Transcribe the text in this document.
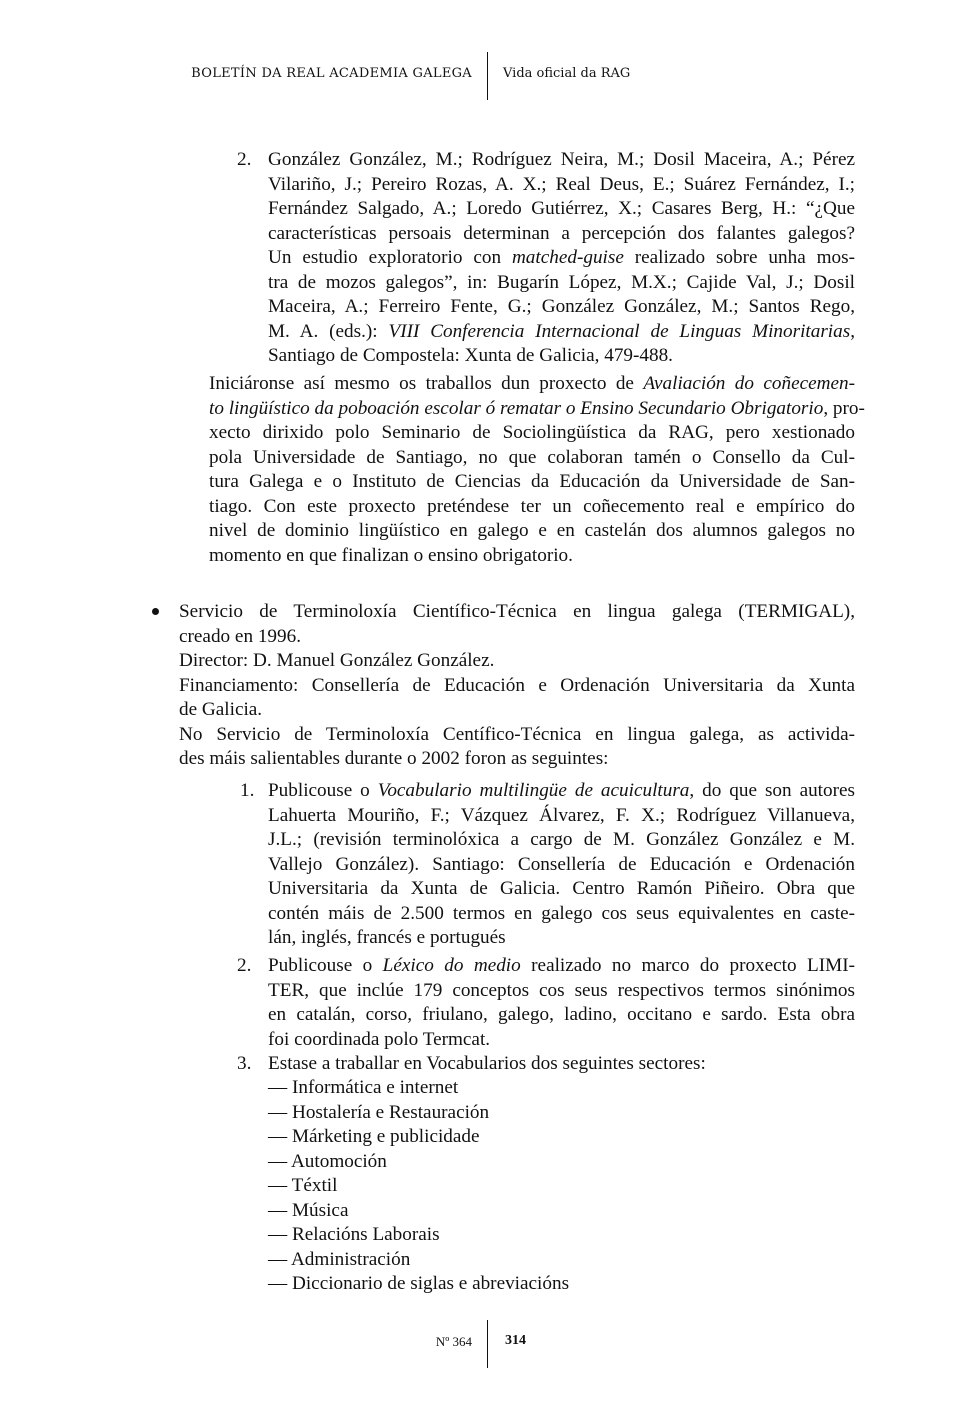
BOLETÍN DA REAL ACADEMIA GALEGA Vida oficial da RAG
2. González González, M.; Rodríguez Neira, M.; Dosil Maceira, A.; Pérez
Vilariño, J.; Pereiro Rozas, A. X.; Real Deus, E.; Suárez Fernández, I.;
Fernández Salgado, A.; Loredo Gutiérrez, X.; Casares Berg, H.: “¿Que
características persoais determinan a percepción dos falantes galegos?
Un estudio exploratorio con matched-guise realizado sobre unha mos-
tra de mozos galegos”, in: Bugarín López, M.X.; Cajide Val, J.; Dosil
Maceira, A.; Ferreiro Fente, G.; González González, M.; Santos Rego,
M. A. (eds.): VIII Conferencia Internacional de Linguas Minoritarias,
Santiago de Compostela: Xunta de Galicia, 479-488.
Iniciáronse así mesmo os traballos dun proxecto de Avaliación do coñecemen-
to lingüístico da poboación escolar ó rematar o Ensino Secundario Obrigatorio, pro-
xecto dirixido polo Seminario de Sociolingüística da RAG, pero xestionado
pola Universidade de Santiago, no que colaboran tamén o Consello da Cul-
tura Galega e o Instituto de Ciencias da Educación da Universidade de San-
tiago. Con este proxecto preténdese ter un coñecemento real e empírico do
nivel de dominio lingüístico en galego e en castelán dos alumnos galegos no
momento en que finalizan o ensino obrigatorio.
Servicio de Terminoloxía Científico-Técnica en lingua galega (TERMIGAL),
creado en 1996.
Director: D. Manuel González González.
Financiamento: Consellería de Educación e Ordenación Universitaria da Xunta
de Galicia.
No Servicio de Terminoloxía Centífico-Técnica en lingua galega, as activida-
des máis salientables durante o 2002 foron as seguintes:
1. Publicouse o Vocabulario multilingüe de acuicultura, do que son autores
Lahuerta Mouriño, F.; Vázquez Álvarez, F. X.; Rodríguez Villanueva,
J.L.; (revisión terminolóxica a cargo de M. González González e M.
Vallejo González). Santiago: Consellería de Educación e Ordenación
Universitaria da Xunta de Galicia. Centro Ramón Piñeiro. Obra que
contén máis de 2.500 termos en galego cos seus equivalentes en caste-
lán, inglés, francés e portugués
2. Publicouse o Léxico do medio realizado no marco do proxecto LIMI-
TER, que inclúe 179 conceptos cos seus respectivos termos sinónimos
en catalán, corso, friulano, galego, ladino, occitano e sardo. Esta obra
foi coordinada polo Termcat.
3. Estase a traballar en Vocabularios dos seguintes sectores:
— Informática e internet
— Hostalería e Restauración
— Márketing e publicidade
— Automoción
— Téxtil
— Música
— Relacións Laborais
— Administración
— Diccionario de siglas e abreviacións
Nº 364 314
